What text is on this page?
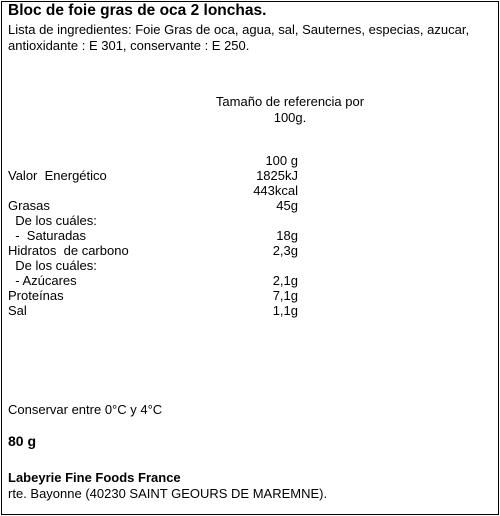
Bloc de foie gras de oca 2 lonchas.
Lista de ingredientes: Foie Gras de oca, agua, sal, Sauternes, especias, azucar,
antioxidante : E 301, conservante : E 250.
Tamaño de referencia por
100g.
100 g
Valor  Energético	1825kJ
443kcal
Grasas	45g
De los cuáles:
-  Saturadas	18g
Hidratos  de carbono	2,3g
De los cuáles:
- Azúcares	2,1g
Proteínas	7,1g
Sal	1,1g
Conservar entre 0°C y 4°C
80 g
Labeyrie Fine Foods France
rte. Bayonne (40230 SAINT GEOURS DE MAREMNE).
